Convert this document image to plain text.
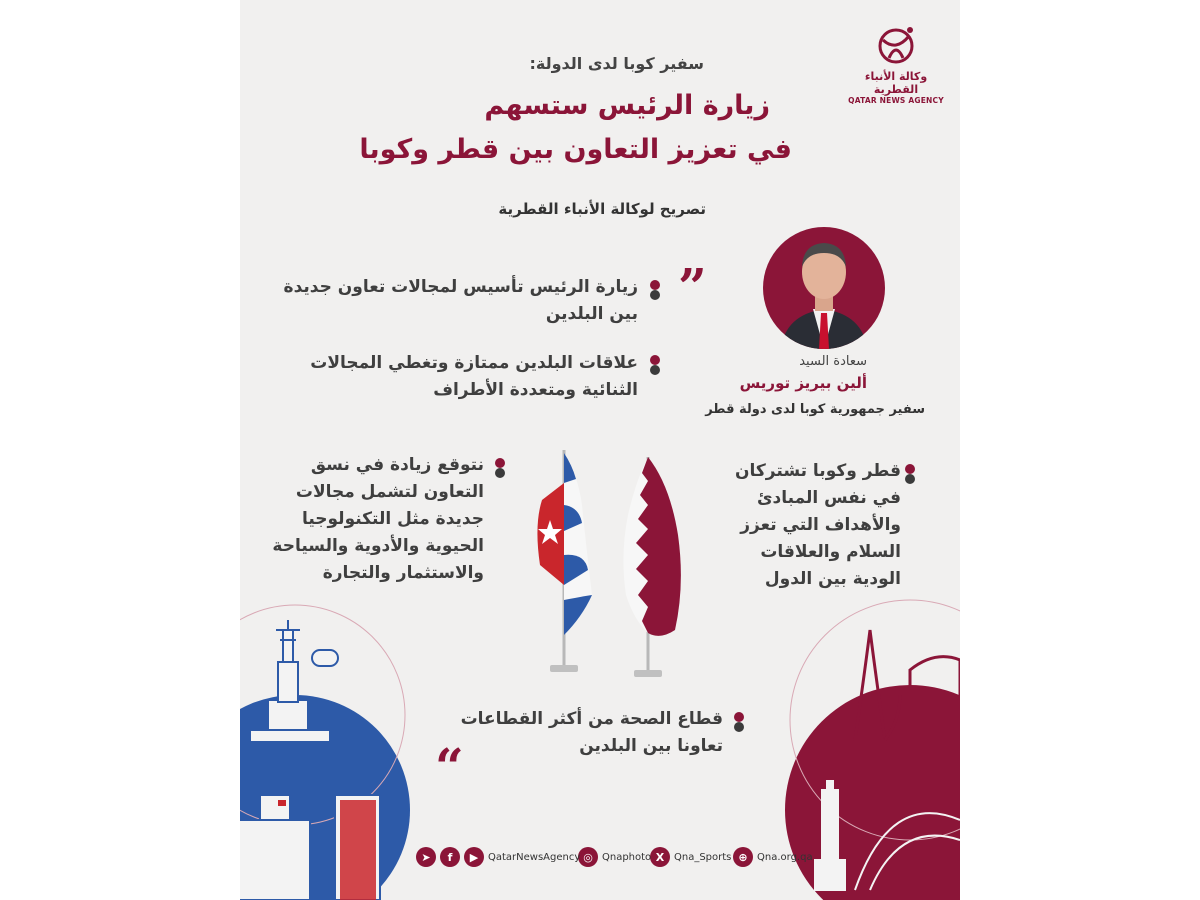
وكالة الأنباء القطرية
QATAR NEWS AGENCY
سفير كوبا لدى الدولة:
زيارة الرئيس ستسهم
في تعزيز التعاون بين قطر وكوبا
تصريح لوكالة الأنباء القطرية
سعادة السيد
ألين بيريز توريس
سفير جمهورية كوبا لدى دولة قطر
”
“
زيارة الرئيس تأسيس لمجالات تعاون جديدة
بين البلدين
علاقات البلدين ممتازة وتغطي المجالات
الثنائية ومتعددة الأطراف
نتوقع زيادة في نسق
التعاون لتشمل مجالات
جديدة مثل التكنولوجيا
الحيوية والأدوية والسياحة
والاستثمار والتجارة
قطر وكوبا تشتركان
في نفس المبادئ
والأهداف التي تعزز
السلام والعلاقات
الودية بين الدول
قطاع الصحة من أكثر القطاعات
تعاونا بين البلدين
⊕ Qna.org.qa
X Qna_Sports
◎ Qnaphoto
➤	f	▶ QatarNewsAgency
